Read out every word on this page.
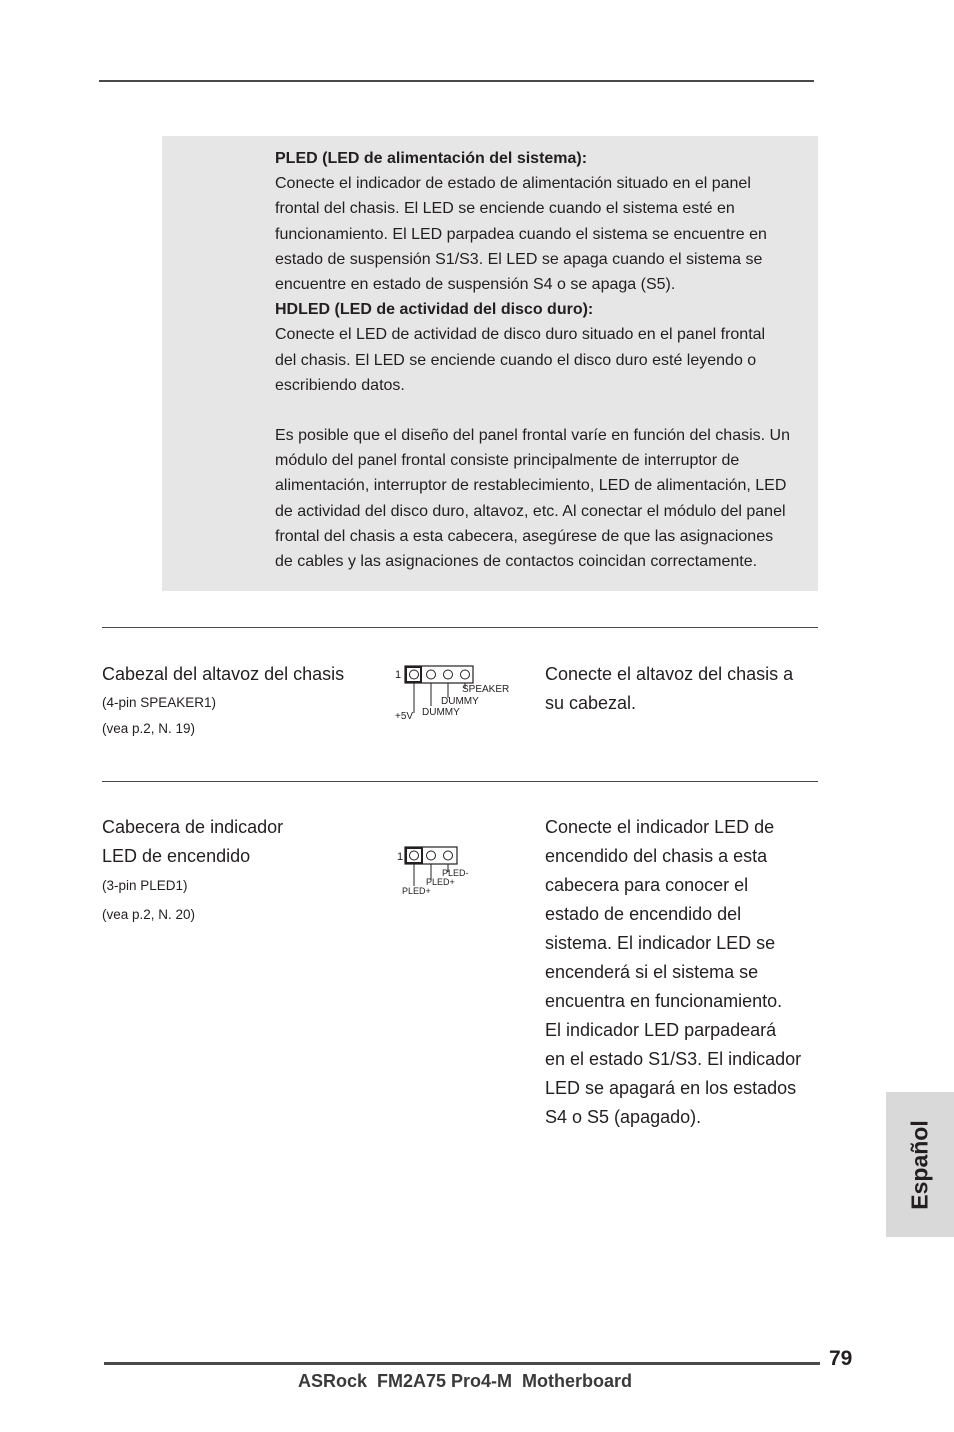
PLED (LED de alimentación del sistema):

Conecte el indicador de estado de alimentación situado en el panel

frontal del chasis. El LED se enciende cuando el sistema esté en

funcionamiento. El LED parpadea cuando el sistema se encuentre en

estado de suspensión S1/S3. El LED se apaga cuando el sistema se

encuentre en estado de suspensión S4 o se apaga (S5).

HDLED (LED de actividad del disco duro):

Conecte el LED de actividad de disco duro situado en el panel frontal

del chasis. El LED se enciende cuando el disco duro esté leyendo o

escribiendo datos.

Es posible que el diseño del panel frontal varíe en función del chasis. Un

módulo del panel frontal consiste principalmente de interruptor de

alimentación, interruptor de restablecimiento, LED de alimentación, LED

de actividad del disco duro, altavoz, etc. Al conectar el módulo del panel

frontal del chasis a esta cabecera, asegúrese de que las asignaciones

de cables y las asignaciones de contactos coincidan correctamente.

Cabezal del altavoz del chasis

(4-pin SPEAKER1)

(vea p.2, N. 19)

1
SPEAKER
DUMMY
+5V DUMMY

Conecte el altavoz del chasis a

su cabezal.

Cabecera de indicador

LED de encendido

(3-pin PLED1)

(vea p.2, N. 20)

1
PLED-
PLED+
PLED+

Conecte el indicador LED de

encendido del chasis a esta

cabecera para conocer el

estado de encendido del

sistema. El indicador LED se

encenderá si el sistema se

encuentra en funcionamiento.

El indicador LED parpadeará

en el estado S1/S3. El indicador

LED se apagará en los estados

S4 o S5 (apagado).

Español
79
ASRock  FM2A75 Pro4-M  Motherboard
